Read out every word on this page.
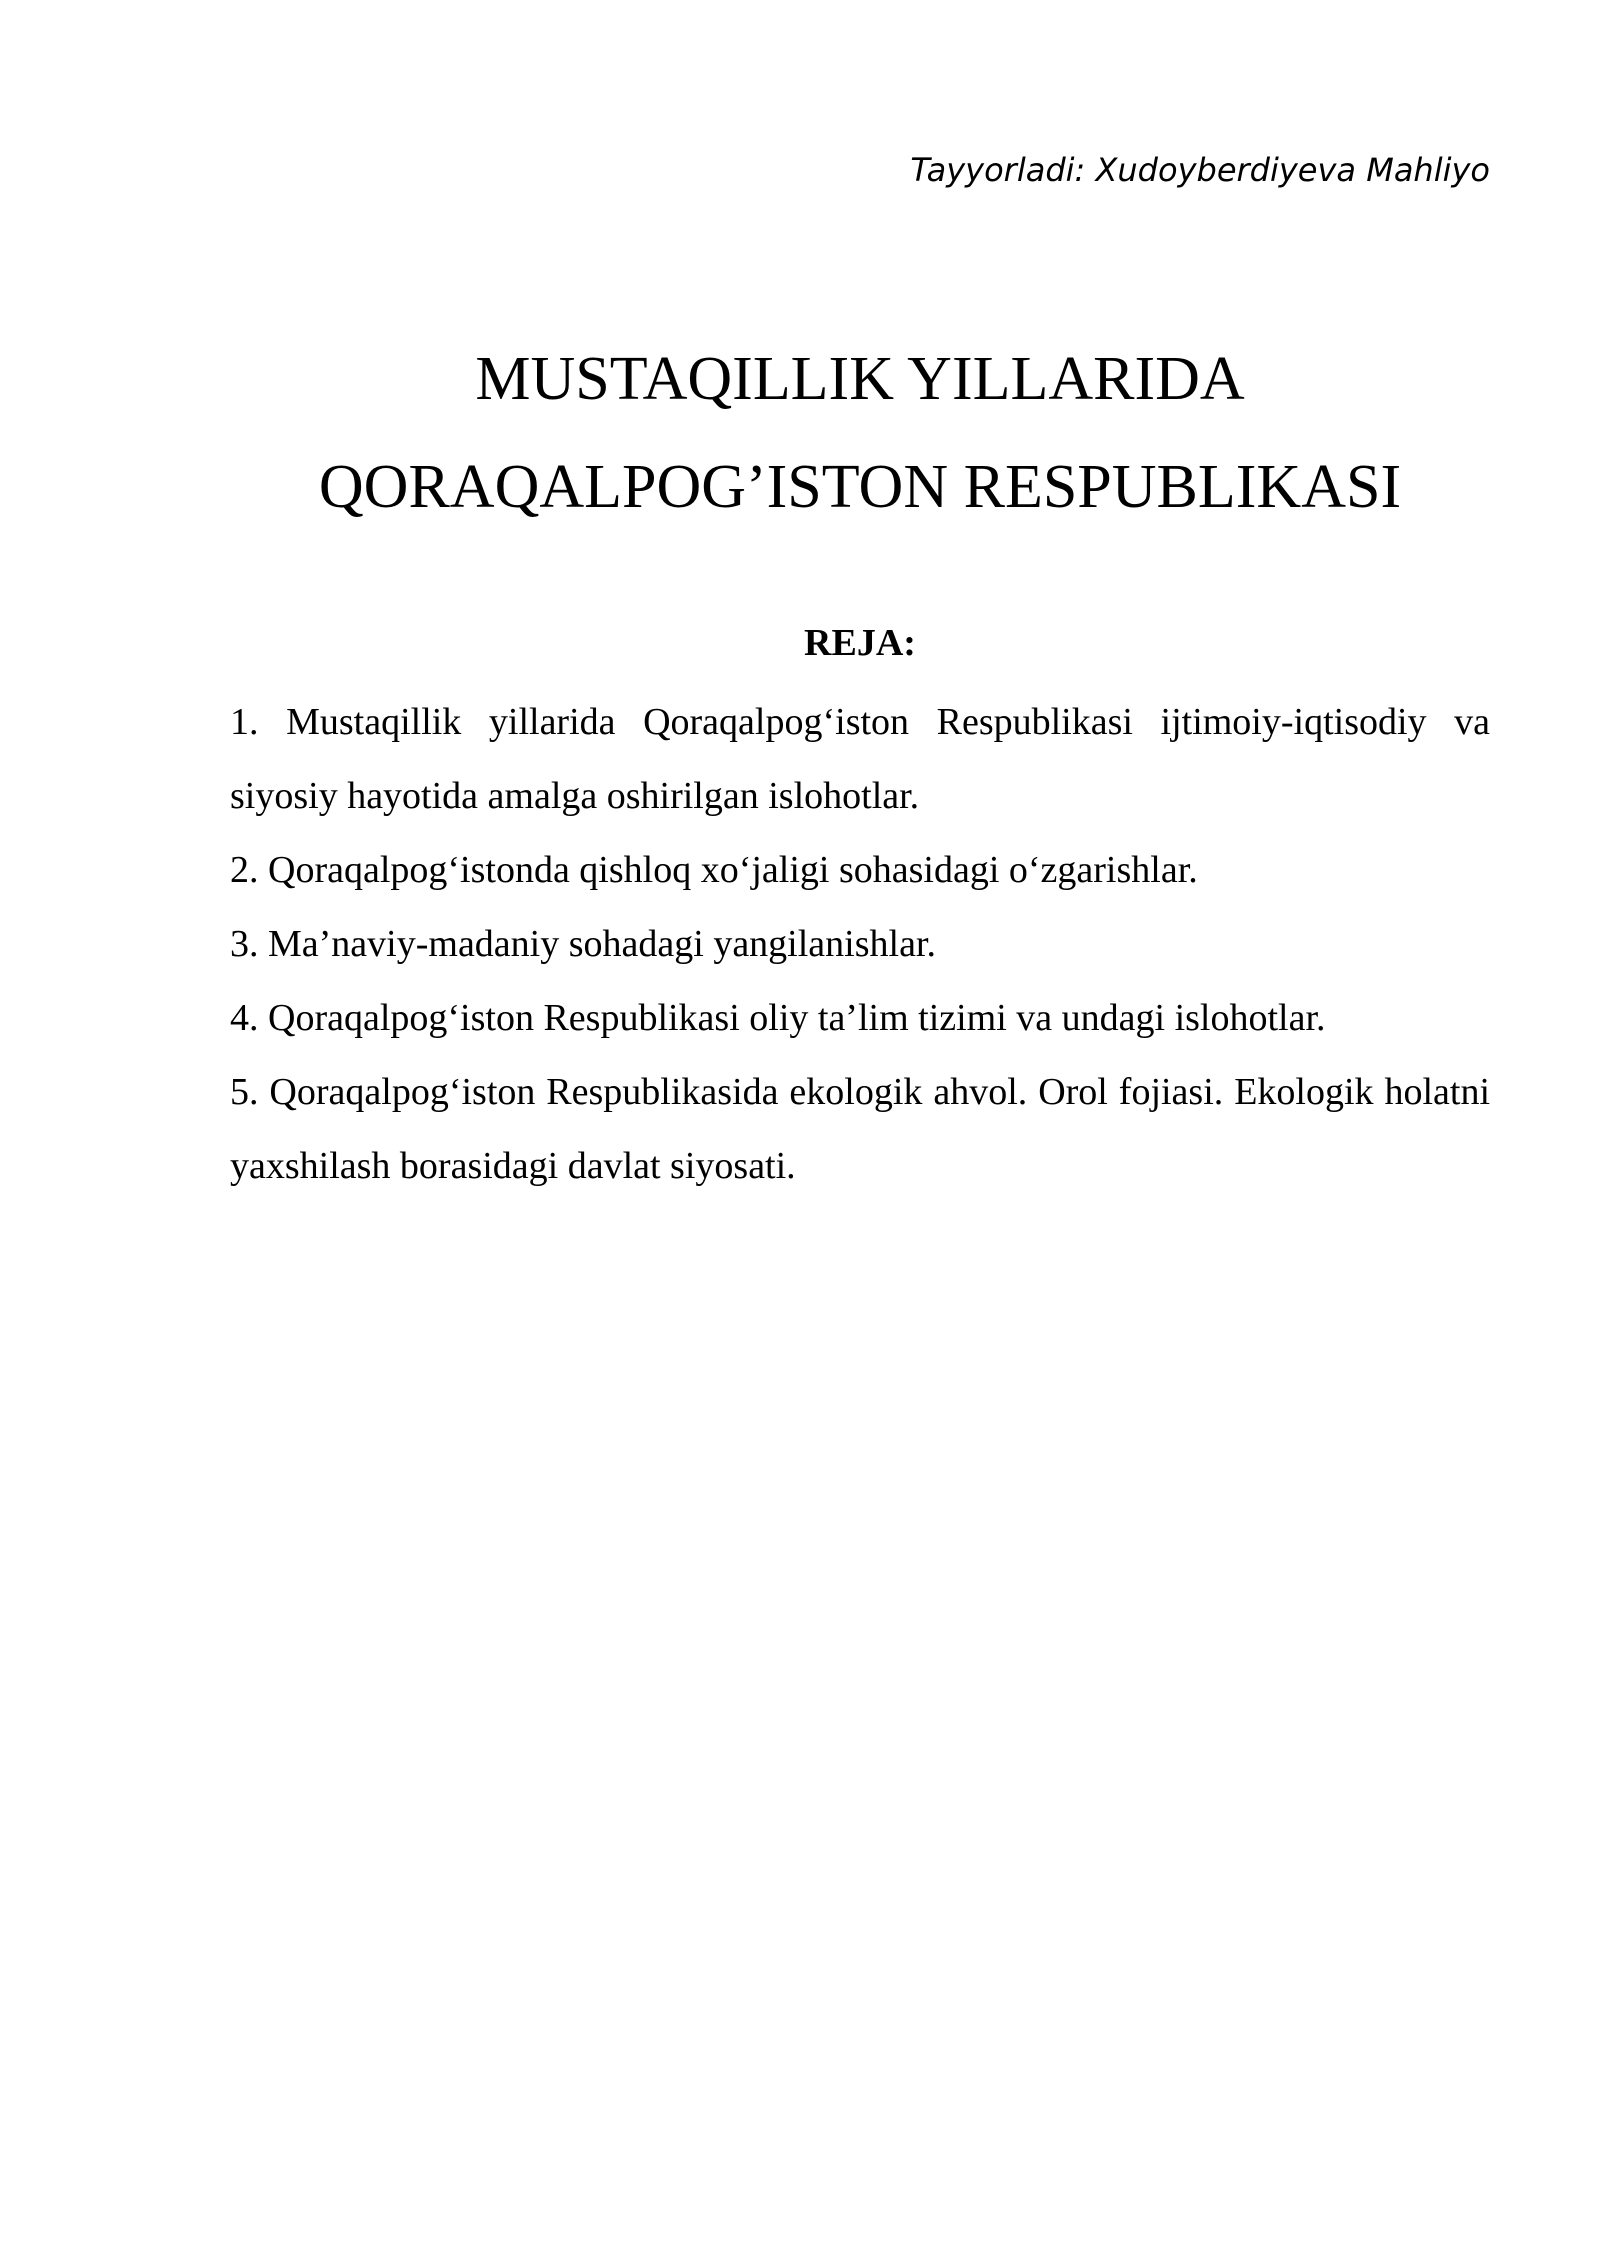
Tayyorladi: Xudoyberdiyeva Mahliyo
MUSTAQILLIK YILLARIDA
QORAQALPOG’ISTON RESPUBLIKASI
REJA:
1. Mustaqillik yillarida Qoraqalpog‘iston Respublikasi ijtimoiy-iqtisodiy va siyosiy hayotida amalga oshirilgan islohotlar.
2. Qoraqalpog‘istonda qishloq xo‘jaligi sohasidagi o‘zgarishlar.
3. Ma’naviy-madaniy sohadagi yangilanishlar.
4. Qoraqalpog‘iston Respublikasi oliy ta’lim tizimi va undagi islohotlar.
5. Qoraqalpog‘iston Respublikasida ekologik ahvol. Orol fojiasi. Ekologik holatni yaxshilash borasidagi davlat siyosati.
